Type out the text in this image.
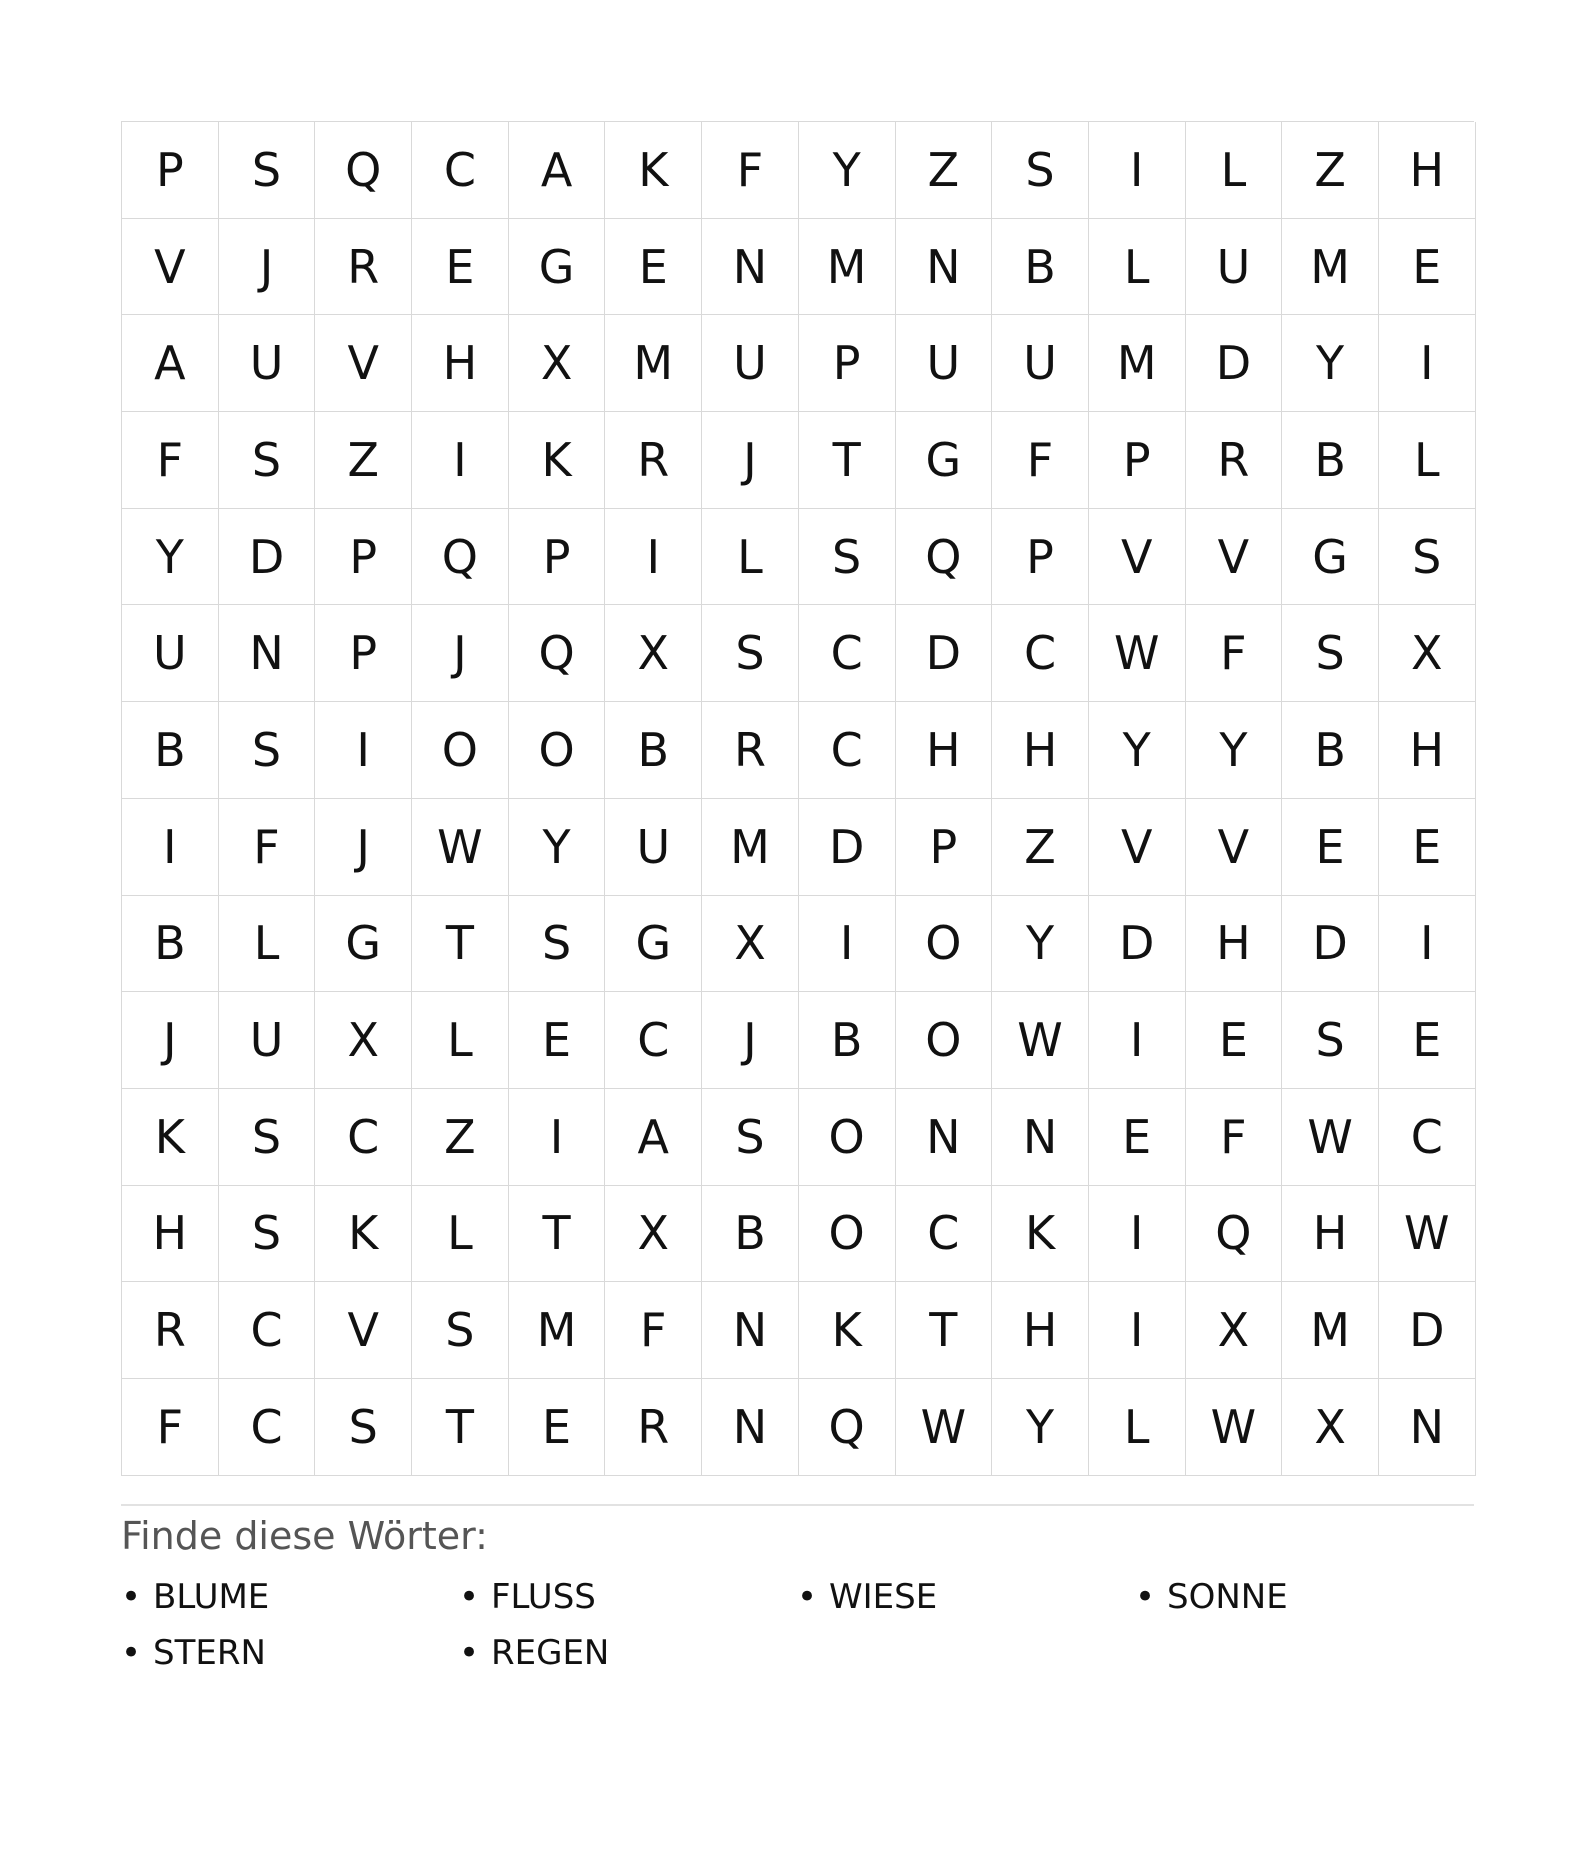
P	S	Q	C	A	K	F	Y	Z	S	I	L	Z	H
V	J	R	E	G	E	N	M	N	B	L	U	M	E
A	U	V	H	X	M	U	P	U	U	M	D	Y	I
F	S	Z	I	K	R	J	T	G	F	P	R	B	L
Y	D	P	Q	P	I	L	S	Q	P	V	V	G	S
U	N	P	J	Q	X	S	C	D	C	W	F	S	X
B	S	I	O	O	B	R	C	H	H	Y	Y	B	H
I	F	J	W	Y	U	M	D	P	Z	V	V	E	E
B	L	G	T	S	G	X	I	O	Y	D	H	D	I
J	U	X	L	E	C	J	B	O	W	I	E	S	E
K	S	C	Z	I	A	S	O	N	N	E	F	W	C
H	S	K	L	T	X	B	O	C	K	I	Q	H	W
R	C	V	S	M	F	N	K	T	H	I	X	M	D
F	C	S	T	E	R	N	Q	W	Y	L	W	X	N
Finde diese Wörter:
• BLUME	• FLUSS	• WIESE	• SONNE
• STERN	• REGEN
